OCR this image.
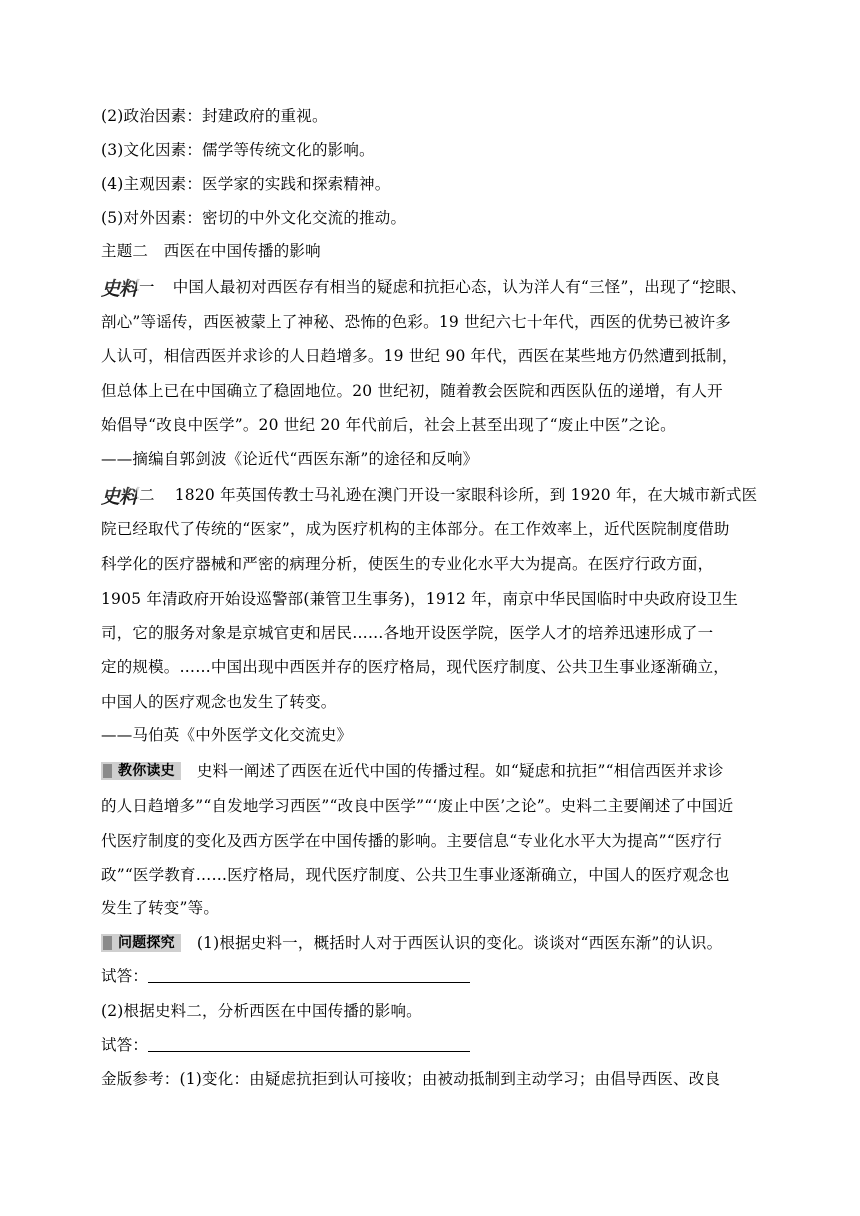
(2)政治因素：封建政府的重视。
(3)文化因素：儒学等传统文化的影响。
(4)主观因素：医学家的实践和探索精神。
(5)对外因素：密切的中外文化交流的推动。
主题二　西医在中国传播的影响
史料 一 中国人最初对西医存有相当的疑虑和抗拒心态，认为洋人有“三怪”，出现了“挖眼、
剖心”等谣传，西医被蒙上了神秘、恐怖的色彩。19 世纪六七十年代，西医的优势已被许多
人认可，相信西医并求诊的人日趋增多。19 世纪 90 年代，西医在某些地方仍然遭到抵制，
但总体上已在中国确立了稳固地位。20 世纪初，随着教会医院和西医队伍的递增，有人开
始倡导“改良中医学”。20 世纪 20 年代前后，社会上甚至出现了“废止中医”之论。
——摘编自郭剑波《论近代“西医东渐”的途径和反响》
史料 二 1820 年英国传教士马礼逊在澳门开设一家眼科诊所，到 1920 年，在大城市新式医
院已经取代了传统的“医家”，成为医疗机构的主体部分。在工作效率上，近代医院制度借助
科学化的医疗器械和严密的病理分析，使医生的专业化水平大为提高。在医疗行政方面，
1905 年清政府开始设巡警部(兼管卫生事务)，1912 年，南京中华民国临时中央政府设卫生
司，它的服务对象是京城官吏和居民……各地开设医学院，医学人才的培养迅速形成了一
定的规模。……中国出现中西医并存的医疗格局，现代医疗制度、公共卫生事业逐渐确立，
中国人的医疗观念也发生了转变。
——马伯英《中外医学文化交流史》
教你读史 史料一阐述了西医在近代中国的传播过程。如“疑虑和抗拒”“相信西医并求诊
的人日趋增多”“自发地学习西医”“改良中医学”“‘废止中医’之论”。史料二主要阐述了中国近
代医疗制度的变化及西方医学在中国传播的影响。主要信息“专业化水平大为提高”“医疗行
政”“医学教育……医疗格局，现代医疗制度、公共卫生事业逐渐确立，中国人的医疗观念也
发生了转变”等。
问题探究 (1)根据史料一，概括时人对于西医认识的变化。谈谈对“西医东渐”的认识。
试答：
(2)根据史料二，分析西医在中国传播的影响。
试答：
金版参考：(1)变化：由疑虑抗拒到认可接收；由被动抵制到主动学习；由倡导西医、改良
